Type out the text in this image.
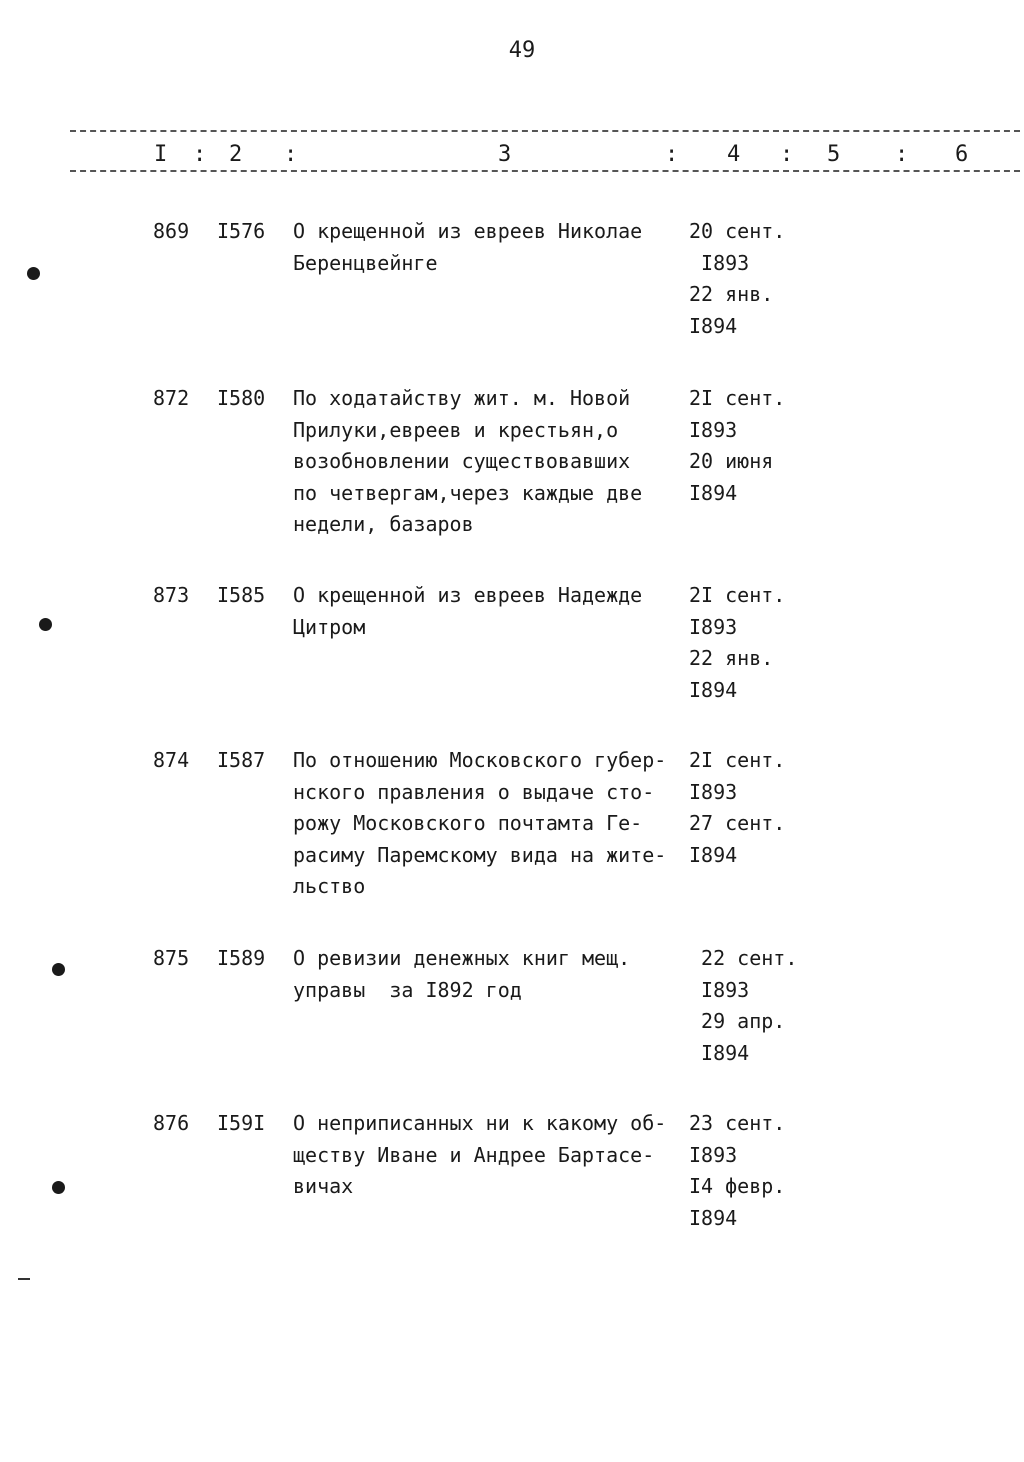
49
I : 2 :	3	: 4 : 5 : 6
869 I576 О крещенной из евреев Николае
Беренцвейнге
20 сент.
I893
22 янв.
I894
872 I580 По ходатайству жит. м. Новой
Прилуки,евреев и крестьян,о
возобновлении существовавших
по четвергам,через каждые две
недели, базаров
2I сент.
I893
20 июня
I894
873 I585 О крещенной из евреев Надежде
Цитром
2I сент.
I893
22 янв.
I894
874 I587 По отношению Московского губер-
нского правления о выдаче сто-
рожу Московского почтамта Ге-
расиму Паремскому вида на жите-
льство
2I сент.
I893
27 сент.
I894
875 I589 О ревизии денежных книг мещ.
управы  за I892 год
22 сент.
I893
29 апр.
I894
876 I59I О неприписанных ни к какому об-
ществу Иване и Андрее Бартасе-
вичах
23 сент.
I893
I4 февр.
I894
